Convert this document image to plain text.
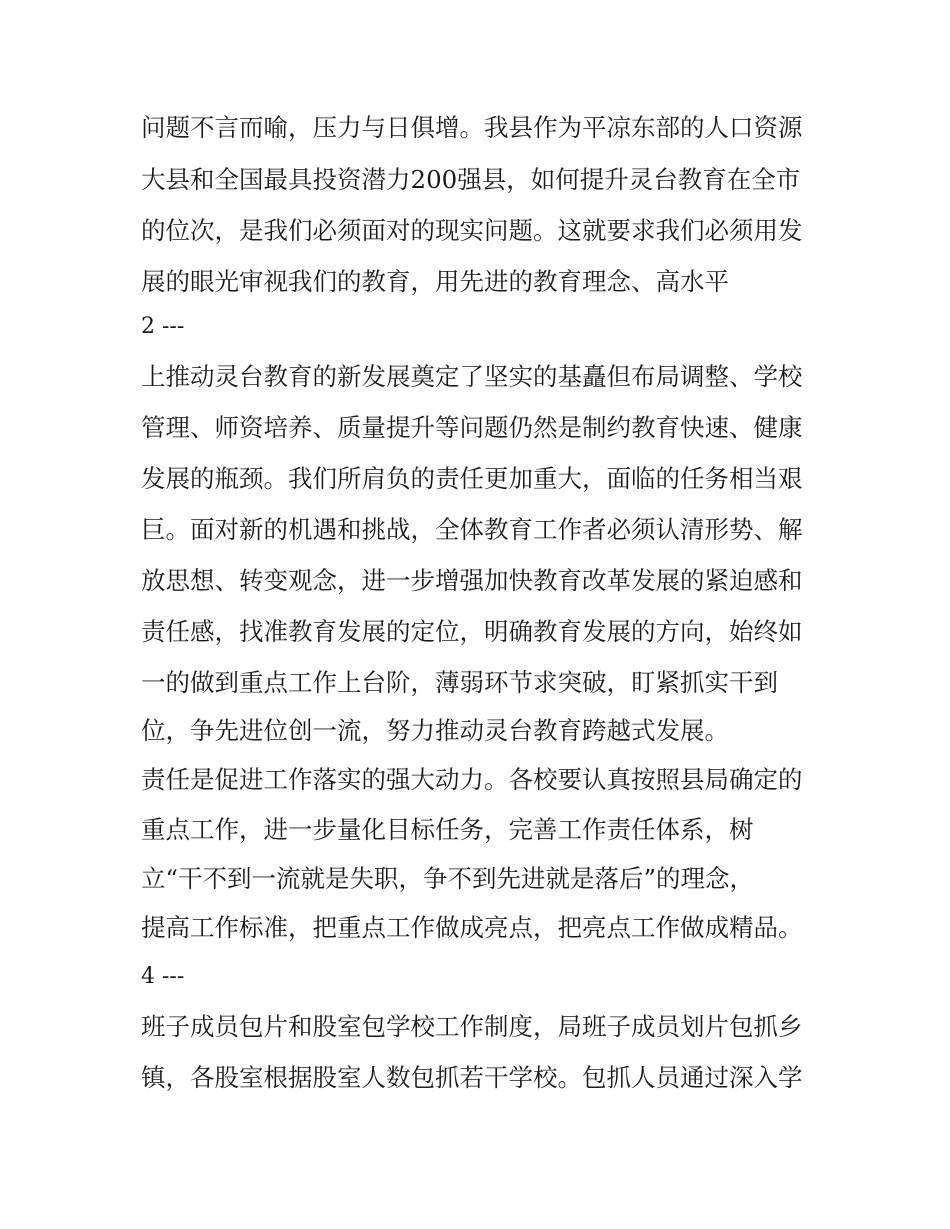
问题不言而喻，压力与日俱增。我县作为平凉东部的人口资源
大县和全国最具投资潜力200强县，如何提升灵台教育在全市
的位次，是我们必须面对的现实问题。这就要求我们必须用发
展的眼光审视我们的教育，用先进的教育理念、高水平
2 ---
上推动灵台教育的新发展奠定了坚实的基矗但布局调整、学校
管理、师资培养、质量提升等问题仍然是制约教育快速、健康
发展的瓶颈。我们所肩负的责任更加重大，面临的任务相当艰
巨。面对新的机遇和挑战，全体教育工作者必须认清形势、解
放思想、转变观念，进一步增强加快教育改革发展的紧迫感和
责任感，找准教育发展的定位，明确教育发展的方向，始终如
一的做到重点工作上台阶，薄弱环节求突破，盯紧抓实干到
位，争先进位创一流，努力推动灵台教育跨越式发展。
责任是促进工作落实的强大动力。各校要认真按照县局确定的
重点工作，进一步量化目标任务，完善工作责任体系，树
立“干不到一流就是失职，争不到先进就是落后”的理念，
提高工作标准，把重点工作做成亮点，把亮点工作做成精品。
4 ---
班子成员包片和股室包学校工作制度，局班子成员划片包抓乡
镇，各股室根据股室人数包抓若干学校。包抓人员通过深入学
